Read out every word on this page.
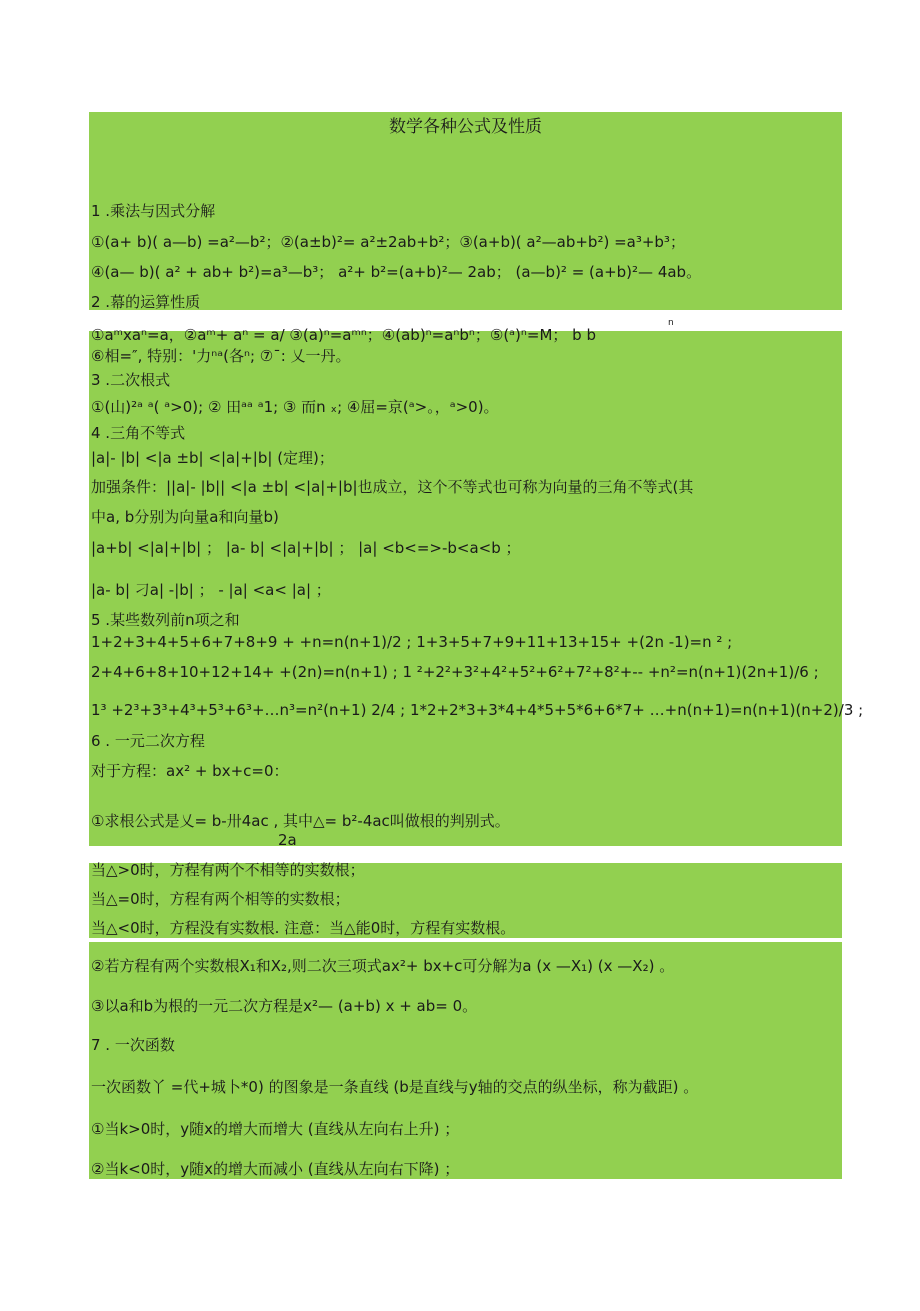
数学各种公式及性质
1 .乘法与因式分解
①(a+ b)( a—b) =a²—b²；②(a±b)²= a²±2ab+b²；③(a+b)( a²—ab+b²) =a³+b³；
④(a— b)( a² + ab+ b²)=a³—b³； a²+ b²=(a+b)²— 2ab； (a—b)² = (a+b)²— 4ab。
2 .幕的运算性质
①aᵐxaⁿ=a，②aᵐ+ aⁿ = a/ ③(a)ⁿ=aᵐⁿ；④(ab)ⁿ=aⁿbⁿ；⑤(ᵃ)ⁿ=M； b b
n
⑥相=″, 特别：'力ⁿᵃ(各ⁿ; ⑦ˉ: 乂一丹。
3 .二次根式
①(山)²ᵃ ᵃ( ᵃ>0); ② 田ᵃᵃ ᵃ1; ③ 而n ₓ; ④屈=京(ᵃ>。，ᵃ>0)。
4 .三角不等式
|a|- |b| <|a ±b| <|a|+|b| (定理)；
加强条件：||a|- |b|| <|a ±b| <|a|+|b|也成立，这个不等式也可称为向量的三角不等式(其
中a, b分别为向量a和向量b)
|a+b| <|a|+|b| ； |a- b| <|a|+|b| ； |a| <b<=>-b<a<b ；
|a- b| 刁a| -|b| ； - |a| <a< |a| ；
5 .某些数列前n项之和
1+2+3+4+5+6+7+8+9 + +n=n(n+1)/2 ; 1+3+5+7+9+11+13+15+ +(2n -1)=n ² ;
2+4+6+8+10+12+14+ +(2n)=n(n+1) ; 1 ²+2²+3²+4²+5²+6²+7²+8²+-- +n²=n(n+1)(2n+1)/6 ;
1³ +2³+3³+4³+5³+6³+…n³=n²(n+1) 2/4 ; 1*2+2*3+3*4+4*5+5*6+6*7+ …+n(n+1)=n(n+1)(n+2)/3 ;
6 . 一元二次方程
对于方程：ax² + bx+c=0：
①求根公式是乂= b-卅4ac , 其中△= b²-4ac叫做根的判别式。
2a
当△>0时，方程有两个不相等的实数根；
当△=0时，方程有两个相等的实数根；
当△<0时，方程没有实数根. 注意：当△能0时，方程有实数根。
②若方程有两个实数根X₁和X₂,则二次三项式ax²+ bx+c可分解为a (x —X₁) (x —X₂) 。
③以a和b为根的一元二次方程是x²— (a+b) x + ab= 0。
7 . 一次函数
一次函数丫 =代+城卜*0) 的图象是一条直线 (b是直线与y轴的交点的纵坐标，称为截距) 。
①当k>0时，y随x的增大而增大 (直线从左向右上升) ；
②当k<0时，y随x的增大而减小 (直线从左向右下降) ；
